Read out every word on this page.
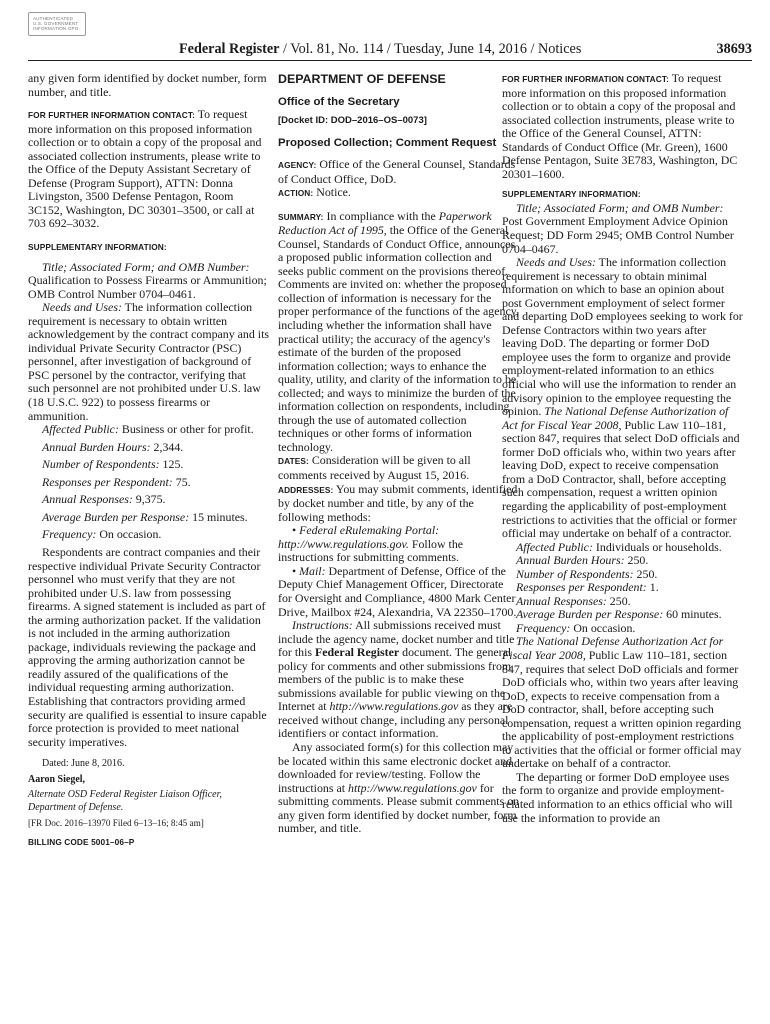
AUTHENTICATED U.S. GOVERNMENT INFORMATION GPO
Federal Register / Vol. 81, No. 114 / Tuesday, June 14, 2016 / Notices	38693

any given form identified by docket number, form number, and title.

FOR FURTHER INFORMATION CONTACT: To request more information on this proposed information collection or to obtain a copy of the proposal and associated collection instruments, please write to the Office of the Deputy Assistant Secretary of Defense (Program Support), ATTN: Donna Livingston, 3500 Defense Pentagon, Room 3C152, Washington, DC 30301–3500, or call at 703 692–3032.

SUPPLEMENTARY INFORMATION:

Title; Associated Form; and OMB Number: Qualification to Possess Firearms or Ammunition; OMB Control Number 0704–0461.

Needs and Uses: The information collection requirement is necessary to obtain written acknowledgement by the contract company and its individual Private Security Contractor (PSC) personnel, after investigation of background of PSC personel by the contractor, verifying that such personnel are not prohibited under U.S. law (18 U.S.C. 922) to possess firearms or ammunition.

Affected Public: Business or other for profit.

Annual Burden Hours: 2,344.

Number of Respondents: 125.

Responses per Respondent: 75.

Annual Responses: 9,375.

Average Burden per Response: 15 minutes.

Frequency: On occasion.

Respondents are contract companies and their respective individual Private Security Contractor personnel who must verify that they are not prohibited under U.S. law from possessing firearms. A signed statement is included as part of the arming authorization packet. If the validation is not included in the arming authorization package, individuals reviewing the package and approving the arming authorization cannot be readily assured of the qualifications of the individual requesting arming authorization. Establishing that contractors providing armed security are qualified is essential to insure capable force protection is provided to meet national security imperatives.

Dated: June 8, 2016.

Aaron Siegel,

Alternate OSD Federal Register Liaison Officer, Department of Defense.

[FR Doc. 2016–13970 Filed 6–13–16; 8:45 am]

BILLING CODE 5001–06–P

DEPARTMENT OF DEFENSE

Office of the Secretary

[Docket ID: DOD–2016–OS–0073]

Proposed Collection; Comment Request

AGENCY: Office of the General Counsel, Standards of Conduct Office, DoD.

ACTION: Notice.

SUMMARY: In compliance with the Paperwork Reduction Act of 1995, the Office of the General Counsel, Standards of Conduct Office, announces a proposed public information collection and seeks public comment on the provisions thereof. Comments are invited on: whether the proposed collection of information is necessary for the proper performance of the functions of the agency, including whether the information shall have practical utility; the accuracy of the agency's estimate of the burden of the proposed information collection; ways to enhance the quality, utility, and clarity of the information to be collected; and ways to minimize the burden of the information collection on respondents, including through the use of automated collection techniques or other forms of information technology.

DATES: Consideration will be given to all comments received by August 15, 2016.

ADDRESSES: You may submit comments, identified by docket number and title, by any of the following methods:

• Federal eRulemaking Portal: http://www.regulations.gov. Follow the instructions for submitting comments.

• Mail: Department of Defense, Office of the Deputy Chief Management Officer, Directorate for Oversight and Compliance, 4800 Mark Center Drive, Mailbox #24, Alexandria, VA 22350–1700.

Instructions: All submissions received must include the agency name, docket number and title for this Federal Register document. The general policy for comments and other submissions from members of the public is to make these submissions available for public viewing on the Internet at http://www.regulations.gov as they are received without change, including any personal identifiers or contact information.

Any associated form(s) for this collection may be located within this same electronic docket and downloaded for review/testing. Follow the instructions at http://www.regulations.gov for submitting comments. Please submit comments on any given form identified by docket number, form number, and title.

FOR FURTHER INFORMATION CONTACT: To request more information on this proposed information collection or to obtain a copy of the proposal and associated collection instruments, please write to the Office of the General Counsel, ATTN: Standards of Conduct Office (Mr. Green), 1600 Defense Pentagon, Suite 3E783, Washington, DC 20301–1600.

SUPPLEMENTARY INFORMATION:

Title; Associated Form; and OMB Number: Post Government Employment Advice Opinion Request; DD Form 2945; OMB Control Number 0704–0467.

Needs and Uses: The information collection requirement is necessary to obtain minimal information on which to base an opinion about post Government employment of select former and departing DoD employees seeking to work for Defense Contractors within two years after leaving DoD. The departing or former DoD employee uses the form to organize and provide employment-related information to an ethics official who will use the information to render an advisory opinion to the employee requesting the opinion. The National Defense Authorization of Act for Fiscal Year 2008, Public Law 110–181, section 847, requires that select DoD officials and former DoD officials who, within two years after leaving DoD, expect to receive compensation from a DoD Contractor, shall, before accepting such compensation, request a written opinion regarding the applicability of post-employment restrictions to activities that the official or former official may undertake on behalf of a contractor.

Affected Public: Individuals or households.

Annual Burden Hours: 250.

Number of Respondents: 250.

Responses per Respondent: 1.

Annual Responses: 250.

Average Burden per Response: 60 minutes.

Frequency: On occasion.

The National Defense Authorization Act for Fiscal Year 2008, Public Law 110–181, section 847, requires that select DoD officials and former DoD officials who, within two years after leaving DoD, expects to receive compensation from a DoD contractor, shall, before accepting such compensation, request a written opinion regarding the applicability of post-employment restrictions to activities that the official or former official may undertake on behalf of a contractor.

The departing or former DoD employee uses the form to organize and provide employment-related information to an ethics official who will use the information to provide an
